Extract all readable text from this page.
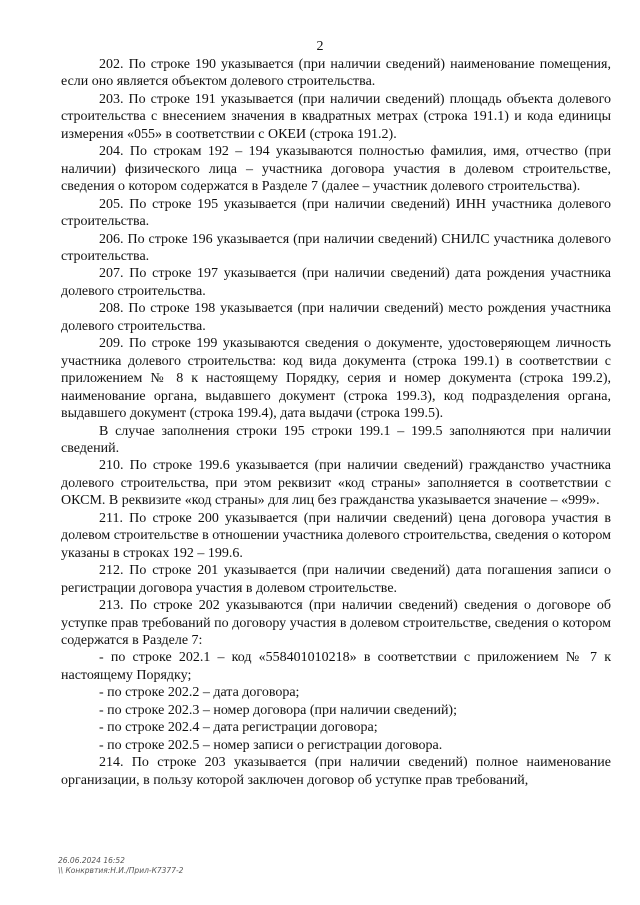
2

202. По строке 190 указывается (при наличии сведений) наименование помещения, если оно является объектом долевого строительства.

203. По строке 191 указывается (при наличии сведений) площадь объекта долевого строительства с внесением значения в квадратных метрах (строка 191.1) и кода единицы измерения «055» в соответствии с ОКЕИ (строка 191.2).

204. По строкам 192 – 194 указываются полностью фамилия, имя, отчество (при наличии) физического лица – участника договора участия в долевом строительстве, сведения о котором содержатся в Разделе 7 (далее – участник долевого строительства).

205. По строке 195 указывается (при наличии сведений) ИНН участника долевого строительства.

206. По строке 196 указывается (при наличии сведений) СНИЛС участника долевого строительства.

207. По строке 197 указывается (при наличии сведений) дата рождения участника долевого строительства.

208. По строке 198 указывается (при наличии сведений) место рождения участника долевого строительства.

209. По строке 199 указываются сведения о документе, удостоверяющем личность участника долевого строительства: код вида документа (строка 199.1) в соответствии с приложением № 8 к настоящему Порядку, серия и номер документа (строка 199.2), наименование органа, выдавшего документ (строка 199.3), код подразделения органа, выдавшего документ (строка 199.4), дата выдачи (строка 199.5).

В случае заполнения строки 195 строки 199.1 – 199.5 заполняются при наличии сведений.

210. По строке 199.6 указывается (при наличии сведений) гражданство участника долевого строительства, при этом реквизит «код страны» заполняется в соответствии с ОКСМ. В реквизите «код страны» для лиц без гражданства указывается значение – «999».

211. По строке 200 указывается (при наличии сведений) цена договора участия в долевом строительстве в отношении участника долевого строительства, сведения о котором указаны в строках 192 – 199.6.

212. По строке 201 указывается (при наличии сведений) дата погашения записи о регистрации договора участия в долевом строительстве.

213. По строке 202 указываются (при наличии сведений) сведения о договоре об уступке прав требований по договору участия в долевом строительстве, сведения о котором содержатся в Разделе 7:

- по строке 202.1 – код «558401010218» в соответствии с приложением № 7 к настоящему Порядку;

- по строке 202.2 – дата договора;

- по строке 202.3 – номер договора (при наличии сведений);

- по строке 202.4 – дата регистрации договора;

- по строке 202.5 – номер записи о регистрации договора.

214. По строке 203 указывается (при наличии сведений) полное наименование организации, в пользу которой заключен договор об уступке прав требований,

26.06.2024 16:52
\\ Конкрвтия:Н.И./Прил-К7377-2
